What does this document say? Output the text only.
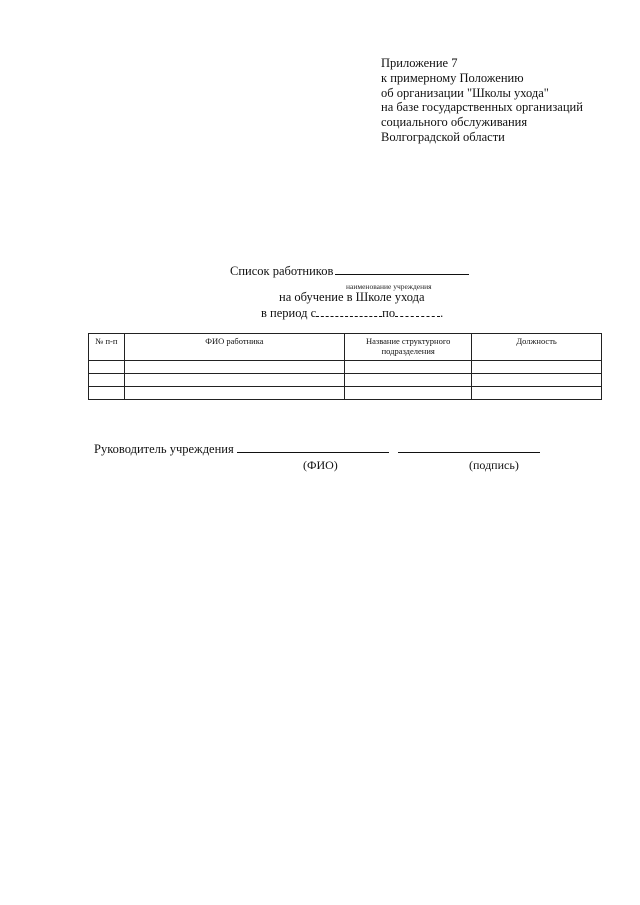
Приложение 7
к примерному Положению
об организации "Школы ухода"
на базе государственных организаций
социального обслуживания
Волгоградской области
Список работников
наименование учреждения
на обучение в Школе ухода
в период с	по	.
№ п-п	ФИО работника	Название структурного подразделения	Должность

Руководитель учреждения
(ФИО)	(подпись)
